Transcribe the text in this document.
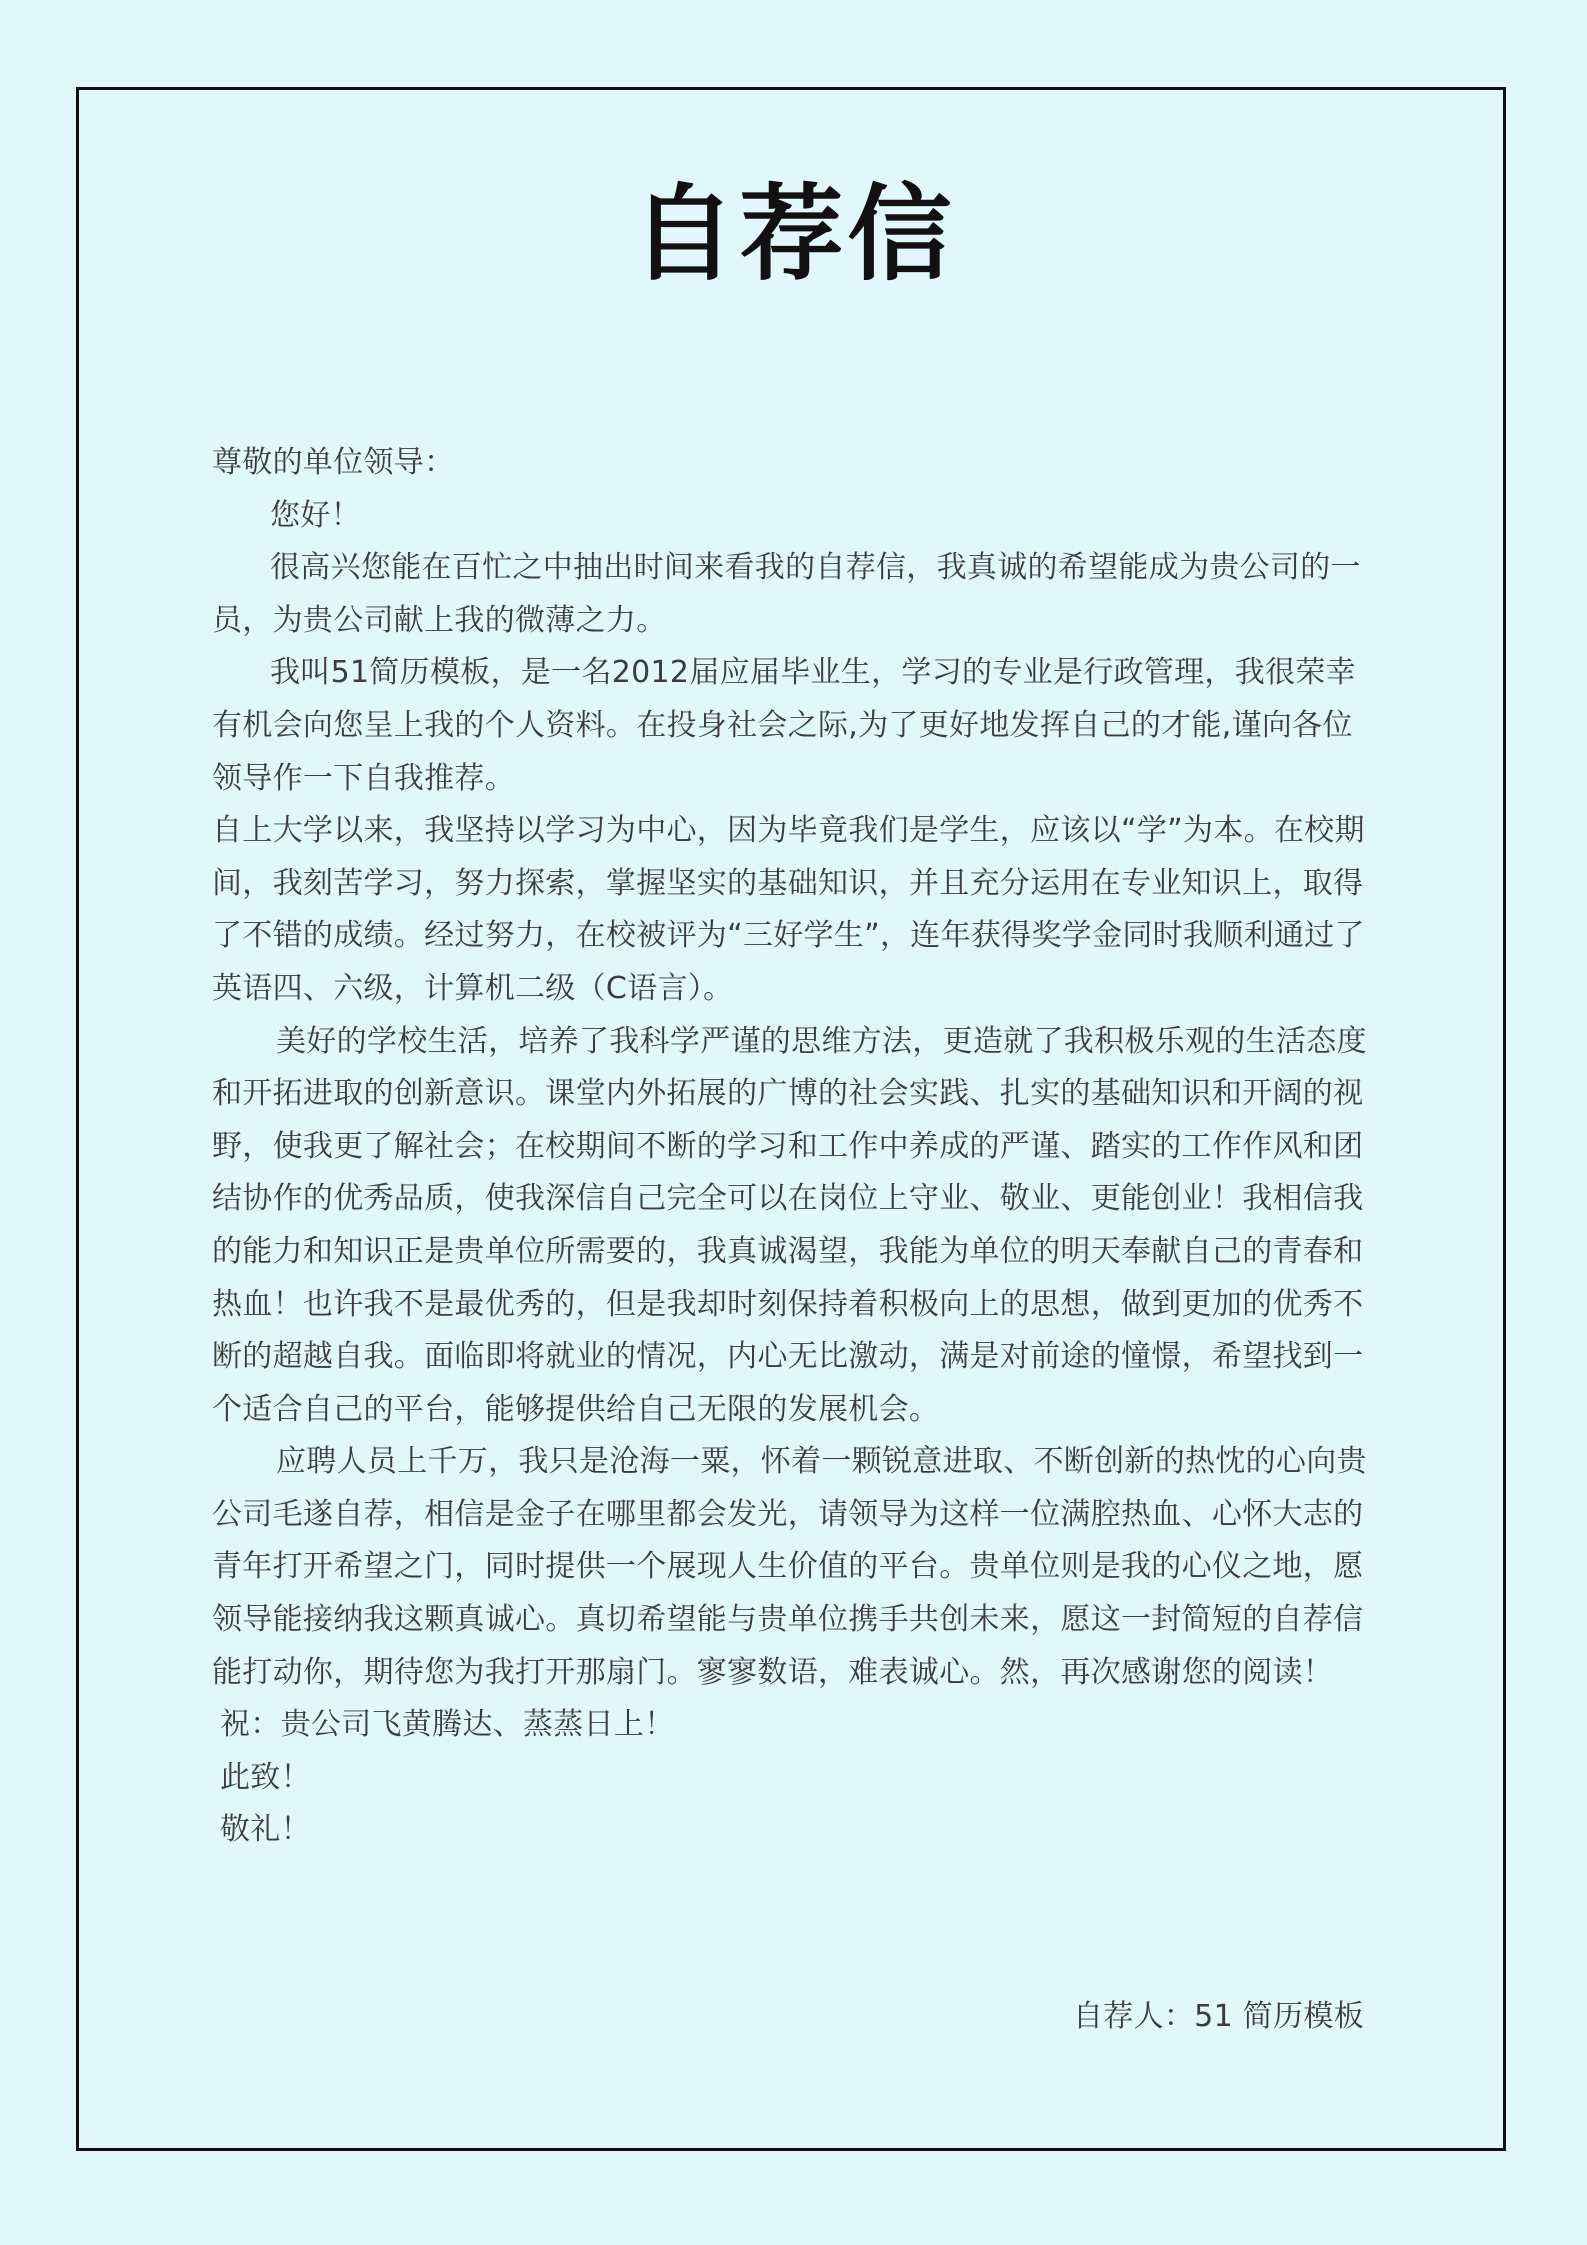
自荐信

尊敬的单位领导：

您好！

很高兴您能在百忙之中抽出时间来看我的自荐信，我真诚的希望能成为贵公司的一员，为贵公司献上我的微薄之力。

我叫51简历模板，是一名2012届应届毕业生，学习的专业是行政管理，我很荣幸有机会向您呈上我的个人资料。在投身社会之际,为了更好地发挥自己的才能,谨向各位领导作一下自我推荐。

自上大学以来，我坚持以学习为中心，因为毕竟我们是学生，应该以“学”为本。在校期间，我刻苦学习，努力探索，掌握坚实的基础知识，并且充分运用在专业知识上，取得了不错的成绩。经过努力，在校被评为“三好学生”，连年获得奖学金同时我顺利通过了英语四、六级，计算机二级（C语言）。

美好的学校生活，培养了我科学严谨的思维方法，更造就了我积极乐观的生活态度和开拓进取的创新意识。课堂内外拓展的广博的社会实践、扎实的基础知识和开阔的视野，使我更了解社会；在校期间不断的学习和工作中养成的严谨、踏实的工作作风和团结协作的优秀品质，使我深信自己完全可以在岗位上守业、敬业、更能创业！我相信我的能力和知识正是贵单位所需要的，我真诚渴望，我能为单位的明天奉献自己的青春和热血！也许我不是最优秀的，但是我却时刻保持着积极向上的思想，做到更加的优秀不断的超越自我。面临即将就业的情况，内心无比激动，满是对前途的憧憬，希望找到一个适合自己的平台，能够提供给自己无限的发展机会。

应聘人员上千万，我只是沧海一粟，怀着一颗锐意进取、不断创新的热忱的心向贵公司毛遂自荐，相信是金子在哪里都会发光，请领导为这样一位满腔热血、心怀大志的青年打开希望之门，同时提供一个展现人生价值的平台。贵单位则是我的心仪之地，愿领导能接纳我这颗真诚心。真切希望能与贵单位携手共创未来，愿这一封简短的自荐信能打动你，期待您为我打开那扇门。寥寥数语，难表诚心。然，再次感谢您的阅读！

祝：贵公司飞黄腾达、蒸蒸日上！

此致！

敬礼！

自荐人：51 简历模板
